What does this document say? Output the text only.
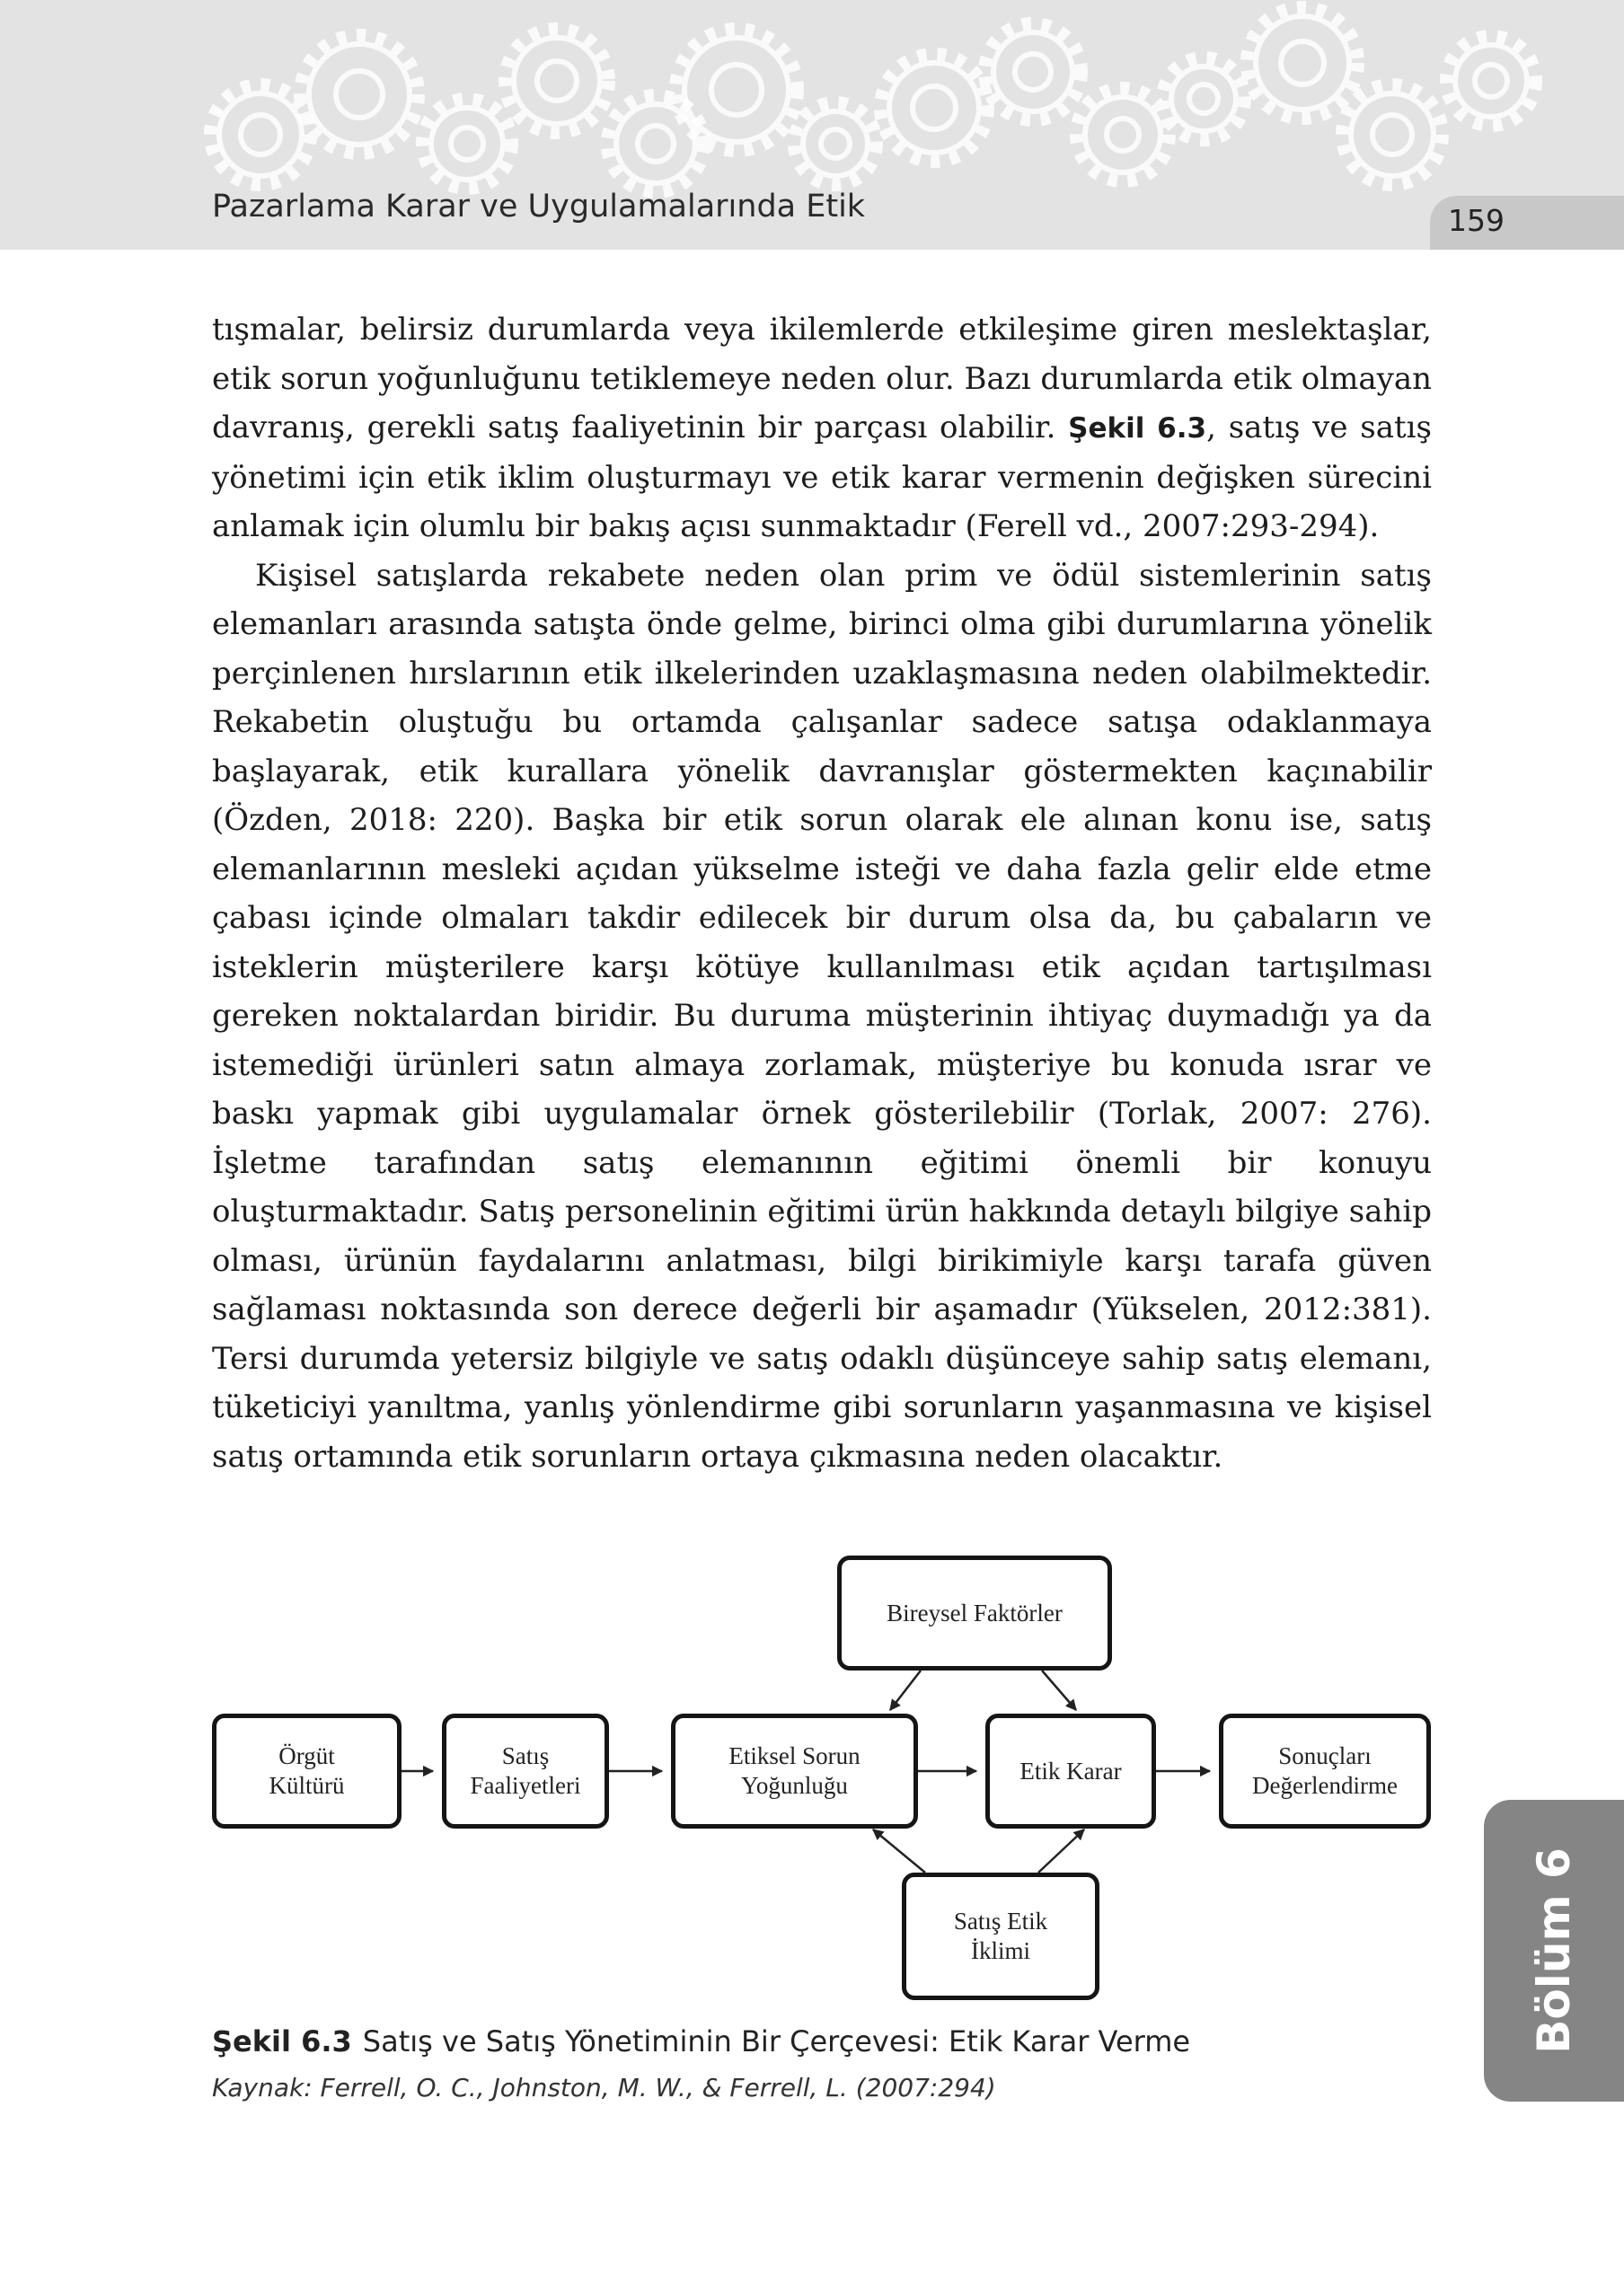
Pazarlama Karar ve Uygulamalarında Etik	159

tışmalar, belirsiz durumlarda veya ikilemlerde etkileşime giren meslektaşlar, etik sorun yoğunluğunu tetiklemeye neden olur. Bazı durumlarda etik olmayan davranış, gerekli satış faaliyetinin bir parçası olabilir. Şekil 6.3, satış ve satış yönetimi için etik iklim oluşturmayı ve etik karar vermenin değişken sürecini anlamak için olumlu bir bakış açısı sunmaktadır (Ferell vd., 2007:293-294).

Kişisel satışlarda rekabete neden olan prim ve ödül sistemlerinin satış elemanları arasında satışta önde gelme, birinci olma gibi durumlarına yönelik perçinlenen hırslarının etik ilkelerinden uzaklaşmasına neden olabilmektedir. Rekabetin oluştuğu bu ortamda çalışanlar sadece satışa odaklanmaya başlayarak, etik kurallara yönelik davranışlar göstermekten kaçınabilir (Özden, 2018: 220). Başka bir etik sorun olarak ele alınan konu ise, satış elemanlarının mesleki açıdan yükselme isteği ve daha fazla gelir elde etme çabası içinde olmaları takdir edilecek bir durum olsa da, bu çabaların ve isteklerin müşterilere karşı kötüye kullanılması etik açıdan tartışılması gereken noktalardan biridir. Bu duruma müşterinin ihtiyaç duymadığı ya da istemediği ürünleri satın almaya zorlamak, müşteriye bu konuda ısrar ve baskı yapmak gibi uygulamalar örnek gösterilebilir (Torlak, 2007: 276). İşletme tarafından satış elemanının eğitimi önemli bir konuyu oluşturmaktadır. Satış personelinin eğitimi ürün hakkında detaylı bilgiye sahip olması, ürünün faydalarını anlatması, bilgi birikimiyle karşı tarafa güven sağlaması noktasında son derece değerli bir aşamadır (Yükselen, 2012:381). Tersi durumda yetersiz bilgiyle ve satış odaklı düşünceye sahip satış elemanı, tüketiciyi yanıltma, yanlış yönlendirme gibi sorunların yaşanmasına ve kişisel satış ortamında etik sorunların ortaya çıkmasına neden olacaktır.

Bireysel Faktörler
Örgüt
Kültürü
Satış
Faaliyetleri
Etiksel Sorun
Yoğunluğu
Etik Karar
Sonuçları
Değerlendirme
Satış Etik
İklimi
Şekil 6.3 Satış ve Satış Yönetiminin Bir Çerçevesi: Etik Karar Verme
Kaynak: Ferrell, O. C., Johnston, M. W., & Ferrell, L. (2007:294)
Bölüm 6
